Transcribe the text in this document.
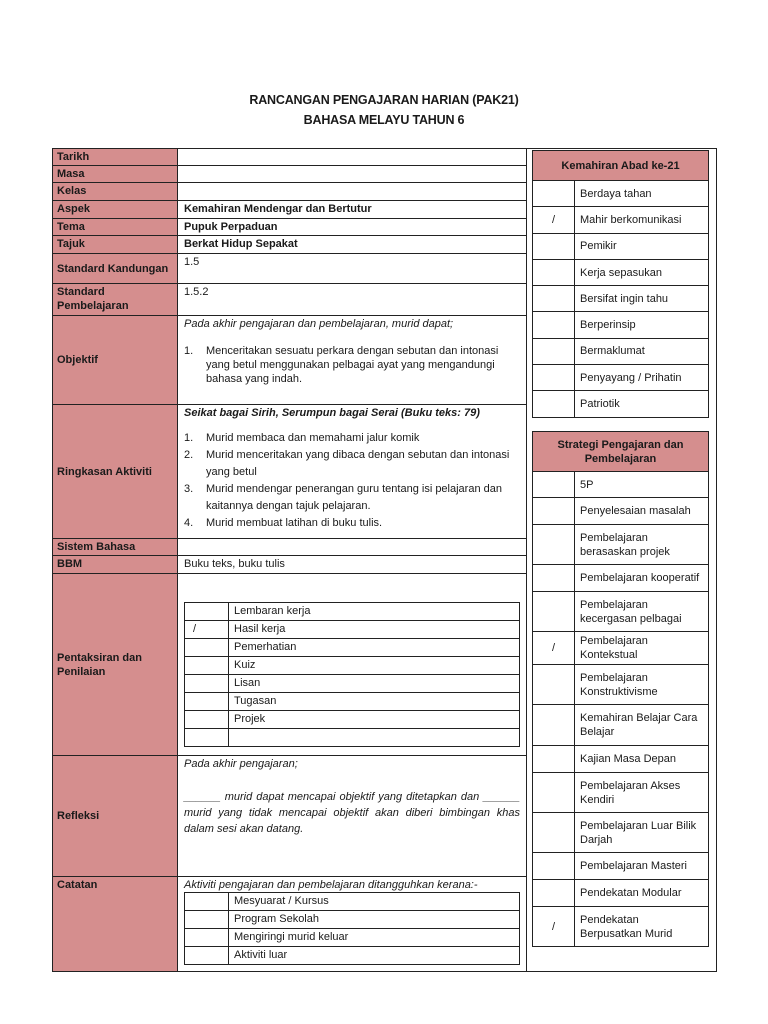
RANCANGAN PENGAJARAN HARIAN (PAK21)
BAHASA MELAYU TAHUN 6
Tarikh	
Masa	
Kelas	
Aspek	Kemahiran Mendengar dan Bertutur
Tema	Pupuk Perpaduan
Tajuk	Berkat Hidup Sepakat
Standard Kandungan	1.5
Standard Pembelajaran	1.5.2
Objektif	
Pada akhir pengajaran dan pembelajaran, murid dapat;
1. Menceritakan sesuatu perkara dengan sebutan dan intonasi yang betul menggunakan pelbagai ayat yang mengandungi bahasa yang indah.

Ringkasan Aktiviti	
Seikat bagai Sirih, Serumpun bagai Serai (Buku teks: 79)
1. Murid membaca dan memahami jalur komik
2. Murid menceritakan yang dibaca dengan sebutan dan intonasi yang betul
3. Murid mendengar penerangan guru tentang isi pelajaran dan kaitannya dengan tajuk pelajaran.
4. Murid membuat latihan di buku tulis.

Sistem Bahasa	
BBM	Buku teks, buku tulis
Pentaksiran dan Penilaian	
	Lembaran kerja
/	Hasil kerja
	Pemerhatian
	Kuiz
	Lisan
	Tugasan
	Projek

Refleksi	
Pada akhir pengajaran;
______ murid dapat mencapai objektif yang ditetapkan dan ______ murid yang tidak mencapai objektif akan diberi bimbingan khas dalam sesi akan datang.

Catatan	Aktiviti pengajaran dan pembelajaran ditangguhkan kerana:-
	Mesyuarat / Kursus
	Program Sekolah
	Mengiringi murid keluar
	Aktiviti luar
Kemahiran Abad ke-21	
	Berdaya tahan
/	Mahir berkomunikasi
	Pemikir
	Kerja sepasukan
	Bersifat ingin tahu
	Berperinsip
	Bermaklumat
	Penyayang / Prihatin
	Patriotik
Strategi Pengajaran dan Pembelajaran	
	5P
	Penyelesaian masalah
	Pembelajaran berasaskan projek
	Pembelajaran kooperatif
	Pembelajaran kecergasan pelbagai
/	Pembelajaran Kontekstual
	Pembelajaran Konstruktivisme
	Kemahiran Belajar Cara Belajar
	Kajian Masa Depan
	Pembelajaran Akses Kendiri
	Pembelajaran Luar Bilik Darjah
	Pembelajaran Masteri
	Pendekatan Modular
/	Pendekatan Berpusatkan Murid
